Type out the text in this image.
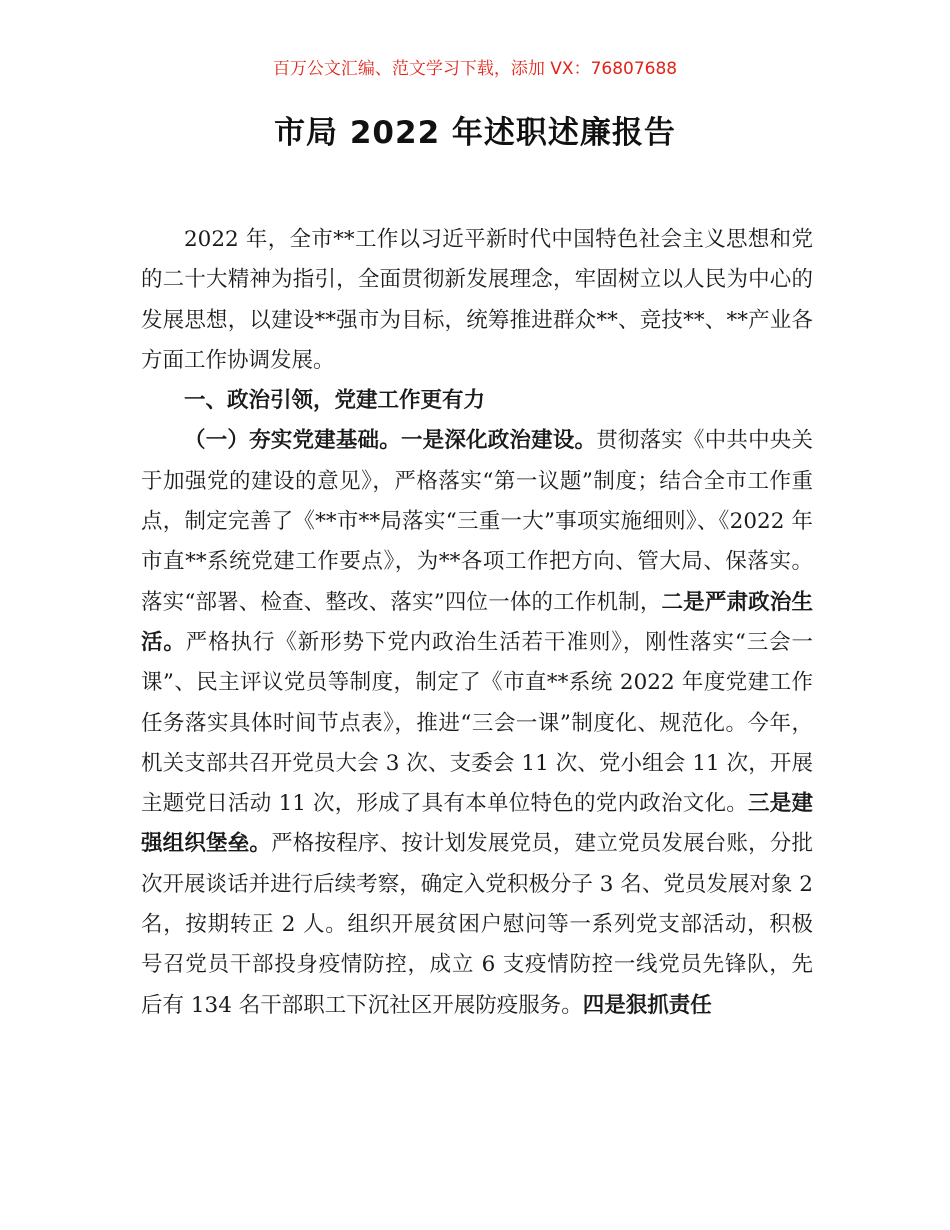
百万公文汇编、范文学习下载，添加 VX：76807688
市局 2022 年述职述廉报告

2022 年，全市**工作以习近平新时代中国特色社会主义思想和党的二十大精神为指引，全面贯彻新发展理念，牢固树立以人民为中心的发展思想，以建设**强市为目标，统筹推进群众**、竞技**、**产业各方面工作协调发展。

一、政治引领，党建工作更有力

（一）夯实党建基础。一是深化政治建设。贯彻落实《中共中央关于加强党的建设的意见》，严格落实“第一议题”制度；结合全市工作重点，制定完善了《**市**局落实“三重一大”事项实施细则》、《2022 年市直**系统党建工作要点》，为**各项工作把方向、管大局、保落实。落实“部署、检查、整改、落实”四位一体的工作机制，二是严肃政治生活。严格执行《新形势下党内政治生活若干准则》，刚性落实“三会一课”、民主评议党员等制度，制定了《市直**系统 2022 年度党建工作任务落实具体时间节点表》，推进“三会一课”制度化、规范化。今年，机关支部共召开党员大会 3 次、支委会 11 次、党小组会 11 次，开展主题党日活动 11 次，形成了具有本单位特色的党内政治文化。三是建强组织堡垒。严格按程序、按计划发展党员，建立党员发展台账，分批次开展谈话并进行后续考察，确定入党积极分子 3 名、党员发展对象 2 名，按期转正 2 人。组织开展贫困户慰问等一系列党支部活动，积极号召党员干部投身疫情防控，成立 6 支疫情防控一线党员先锋队，先后有 134 名干部职工下沉社区开展防疫服务。四是狠抓责任
